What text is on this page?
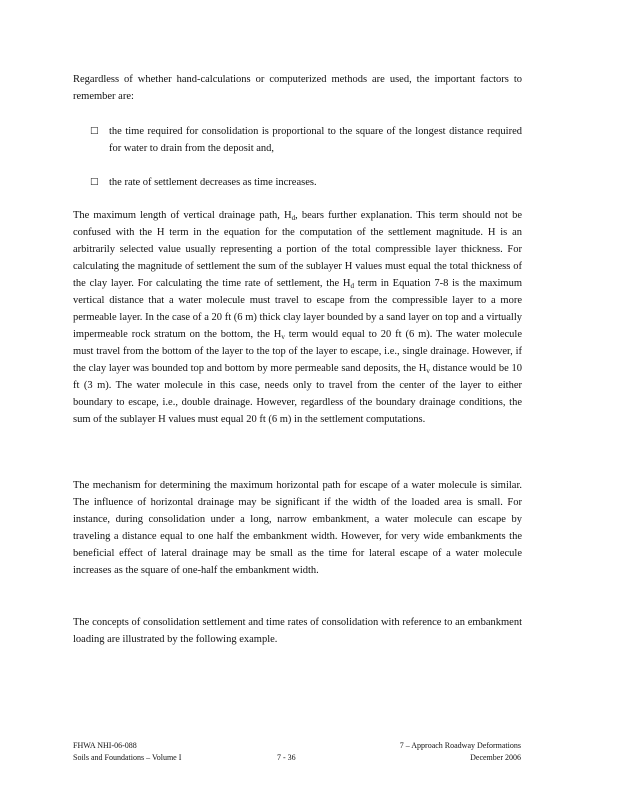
Regardless of whether hand-calculations or computerized methods are used, the important factors to remember are:

□ the time required for consolidation is proportional to the square of the longest distance required for water to drain from the deposit and,
□ the rate of settlement decreases as time increases.

The maximum length of vertical drainage path, $H_d$, bears further explanation. This term should not be confused with the H term in the equation for the computation of the settlement magnitude. H is an arbitrarily selected value usually representing a portion of the total compressible layer thickness. For calculating the magnitude of settlement the sum of the sublayer H values must equal the total thickness of the clay layer. For calculating the time rate of settlement, the $H_d$ term in Equation 7-8 is the maximum vertical distance that a water molecule must travel to escape from the compressible layer to a more permeable layer. In the case of a 20 ft (6 m) thick clay layer bounded by a sand layer on top and a virtually impermeable rock stratum on the bottom, the $H_v$ term would equal to 20 ft (6 m). The water molecule must travel from the bottom of the layer to the top of the layer to escape, i.e., single drainage. However, if the clay layer was bounded top and bottom by more permeable sand deposits, the $H_v$ distance would be 10 ft (3 m). The water molecule in this case, needs only to travel from the center of the layer to either boundary to escape, i.e., double drainage. However, regardless of the boundary drainage conditions, the sum of the sublayer H values must equal 20 ft (6 m) in the settlement computations.

The mechanism for determining the maximum horizontal path for escape of a water molecule is similar. The influence of horizontal drainage may be significant if the width of the loaded area is small. For instance, during consolidation under a long, narrow embankment, a water molecule can escape by traveling a distance equal to one half the embankment width. However, for very wide embankments the beneficial effect of lateral drainage may be small as the time for lateral escape of a water molecule increases as the square of one-half the embankment width.

The concepts of consolidation settlement and time rates of consolidation with reference to an embankment loading are illustrated by the following example.

FHWA NHI-06-088
Soils and Foundations – Volume I	7 - 36
7 – Approach Roadway Deformations
December 2006
